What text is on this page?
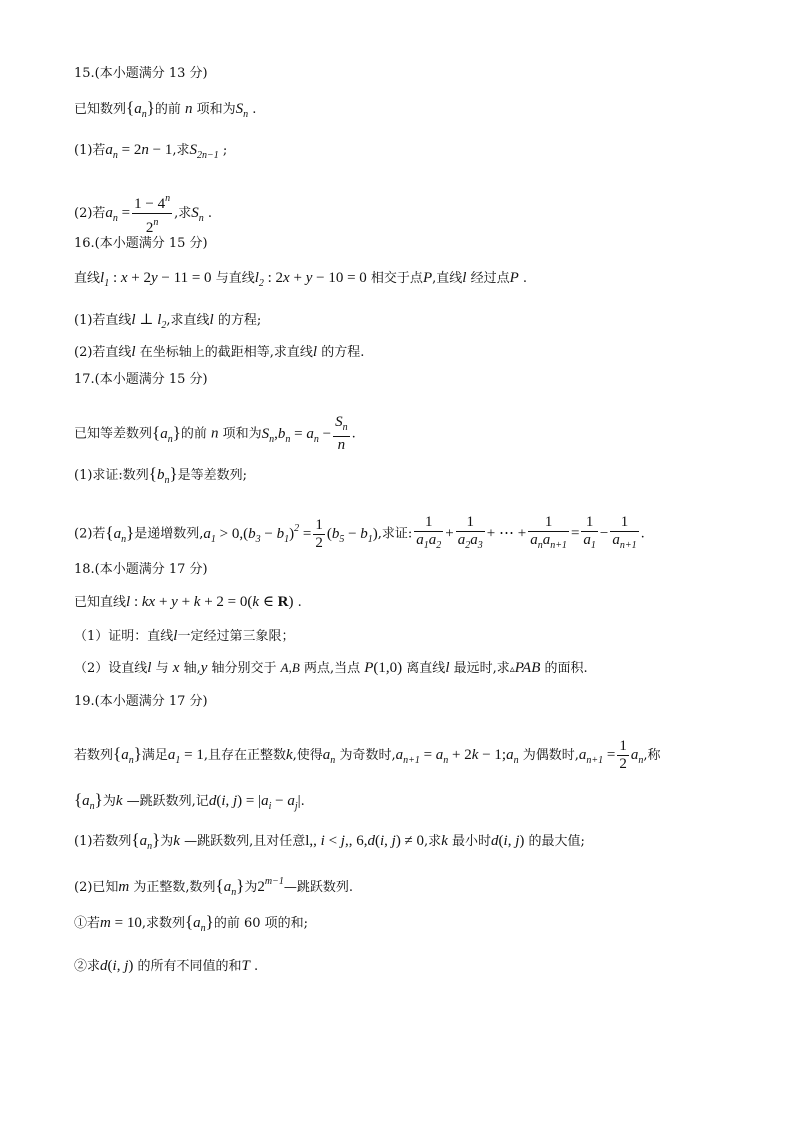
15.(本小题满分 13 分)
已知数列$\{a_n\}$的前 n 项和为$S_n$ .
(1)若$a_n = 2n - 1$,求$S_{2n-1}$ ;
(2)若$a_n = \frac{1 - 4^n}{2^n}$ ,求$S_n$ .
16.(本小题满分 15 分)
直线$l_1$ : x + 2y − 11 = 0 与直线$l_2$ : 2x + y − 10 = 0 相交于点P,直线l 经过点P .
(1)若直线l ⊥ $l_2$,求直线l 的方程;
(2)若直线l 在坐标轴上的截距相等,求直线l 的方程.
17.(本小题满分 15 分)
已知等差数列$\{a_n\}$的前 n 项和为$S_n,b_n = a_n - \frac{S_n}{n}$ .
(1)求证:数列$\{b_n\}$是等差数列;
(2)若$\{a_n\}$是递增数列$,a_1 > 0,(b_3 - b_1)^2 = \frac{1}{2} (b_5 - b_1)$,求证: $\frac{1}{a_1a_2} + \frac{1}{a_2a_3}$ + ⋯ + $\frac{1}{a_na_{n+1}} = \frac{1}{a_1} - \frac{1}{a_{n+1}}$ .
18.(本小题满分 17 分)
已知直线l : kx + y + k + 2 = 0(k ∈ R) .
（1）证明：直线l一定经过第三象限；
（2）设直线l 与 x 轴,y 轴分别交于 A,B 两点,当点 P(1,0) 离直线l 最远时,求▵PAB 的面积.
19.(本小题满分 17 分)
若数列$\{a_n\}$满足$a_1 = 1$,且存在正整数k,使得$a_n$ 为奇数时$,a_{n+1} = a_n + 2k$ − $1;a_n$ 为偶数时$,a_{n+1} = \frac{1}{2} a_n$,称
$\{a_n\}$为k —跳跃数列,记d(i, $j) = |a_i - a_j|$.
(1)若数列$\{a_n\}$为k —跳跃数列,且对任意l,, i < j,, 6,d(i, j) ≠ 0,求k 最小时d(i, j) 的最大值;
(2)已知m 为正整数,数列$\{a_n\}$为$2^{m-1}—$跳跃数列.
①若m = 10,求数列$\{a_n\}$的前 60 项的和;
②求d(i, j) 的所有不同值的和T .
